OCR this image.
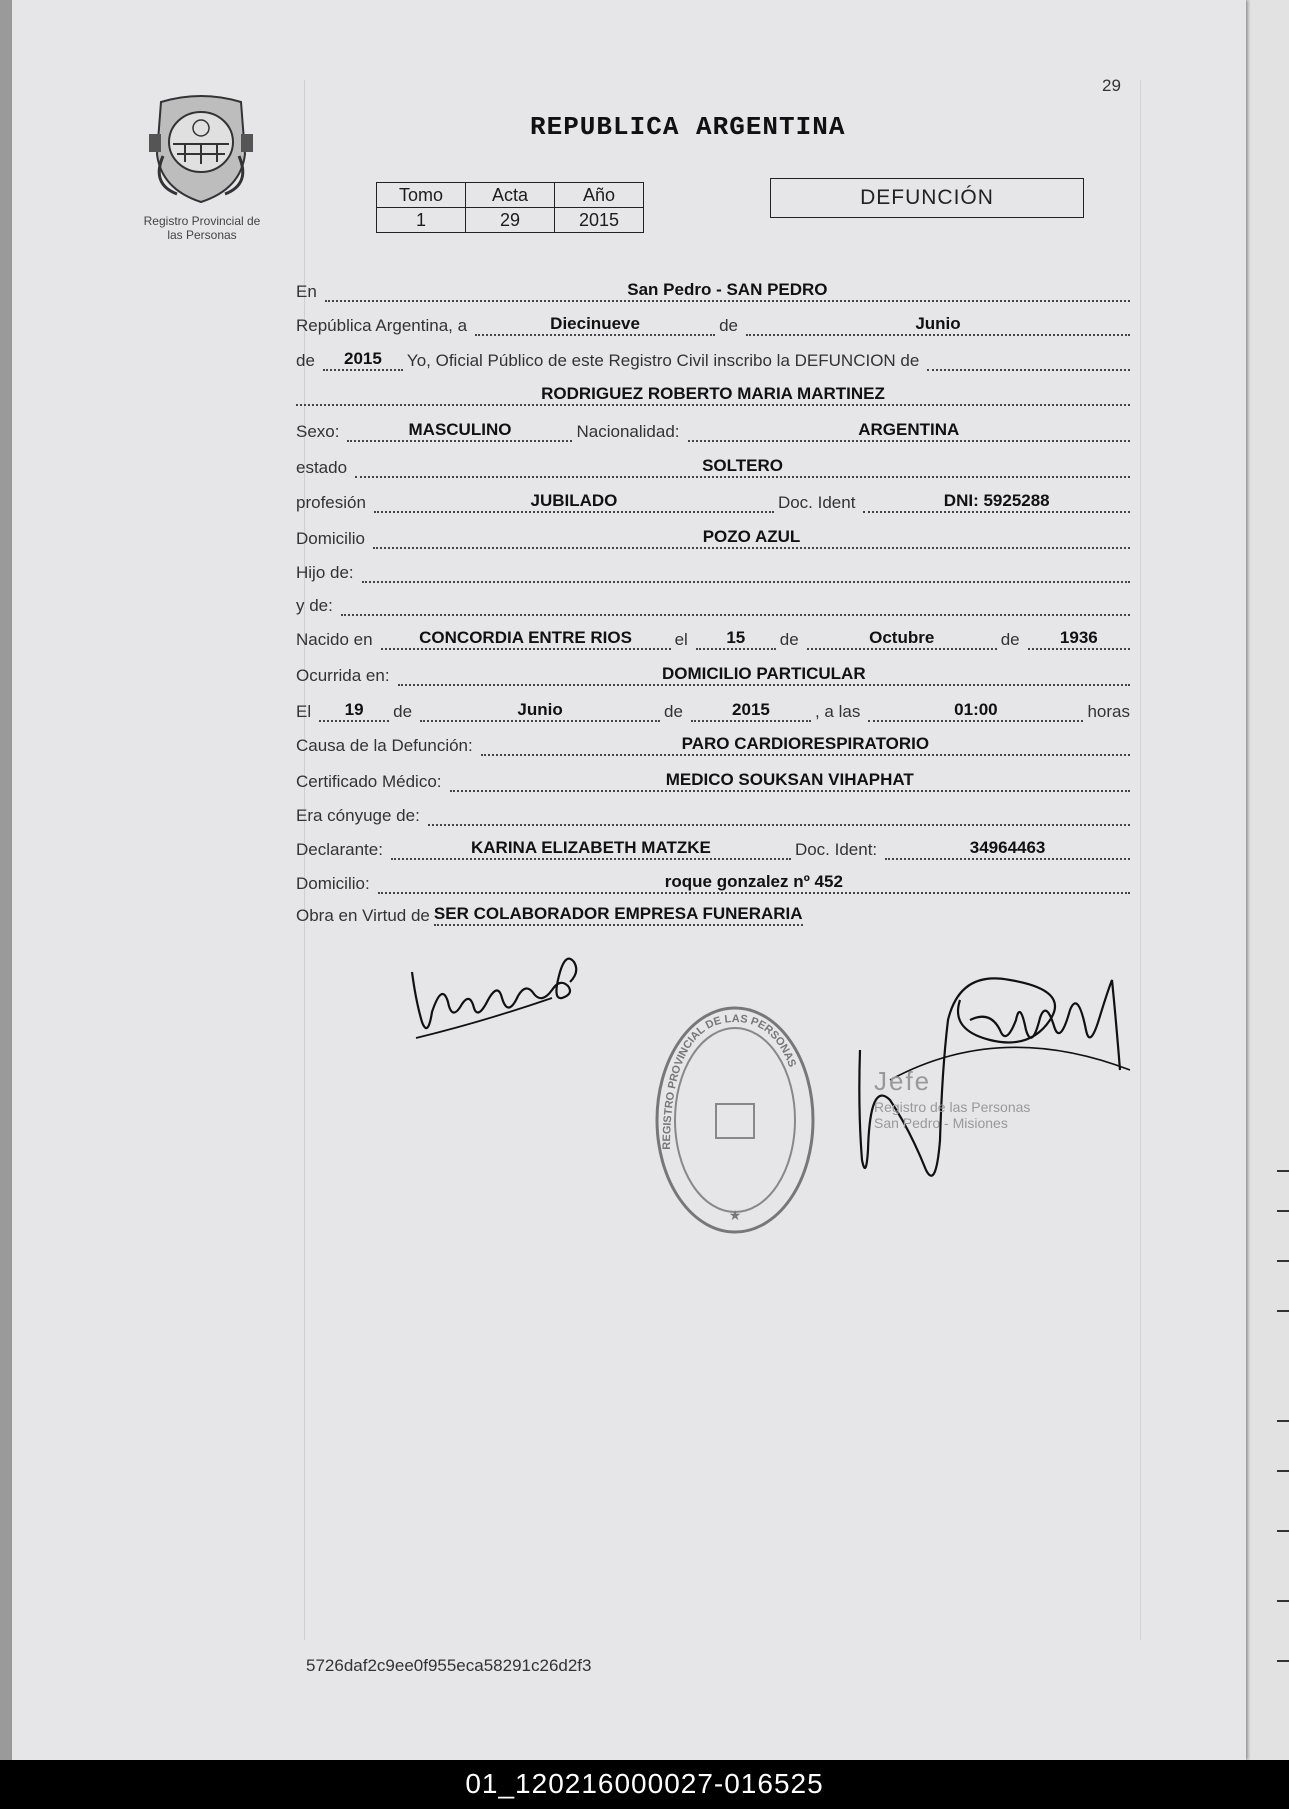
29
Registro Provincial de
las Personas
REPUBLICA ARGENTINA
Tomo	Acta	Año
1	29	2015
DEFUNCIÓN
En	San Pedro - SAN PEDRO
República Argentina, a	Diecinueve	de	Junio
de	2015	Yo, Oficial Público de este Registro Civil inscribo la DEFUNCION de
RODRIGUEZ ROBERTO MARIA MARTINEZ
Sexo:	MASCULINO	Nacionalidad:	ARGENTINA
estado	SOLTERO
profesión	JUBILADO	Doc. Ident	DNI: 5925288
Domicilio	POZO AZUL
Hijo de:
y de:
Nacido en	CONCORDIA ENTRE RIOS	el	15	de	Octubre	de	1936
Ocurrida en:	DOMICILIO PARTICULAR
El	19	de	Junio	de	2015	, a las	01:00	horas
Causa de la Defunción:	PARO CARDIORESPIRATORIO
Certificado Médico:	MEDICO SOUKSAN VIHAPHAT
Era cónyuge de:
Declarante:	KARINA ELIZABETH MATZKE	Doc. Ident:	34964463
Domicilio:	roque gonzalez nº 452
Obra en Virtud de SER COLABORADOR EMPRESA FUNERARIA
REGISTRO PROVINCIAL DE LAS PERSONAS
★
Jefe
Registro de las Personas
San Pedro - Misiones
5726daf2c9ee0f955eca58291c26d2f3
01_120216000027-016525
